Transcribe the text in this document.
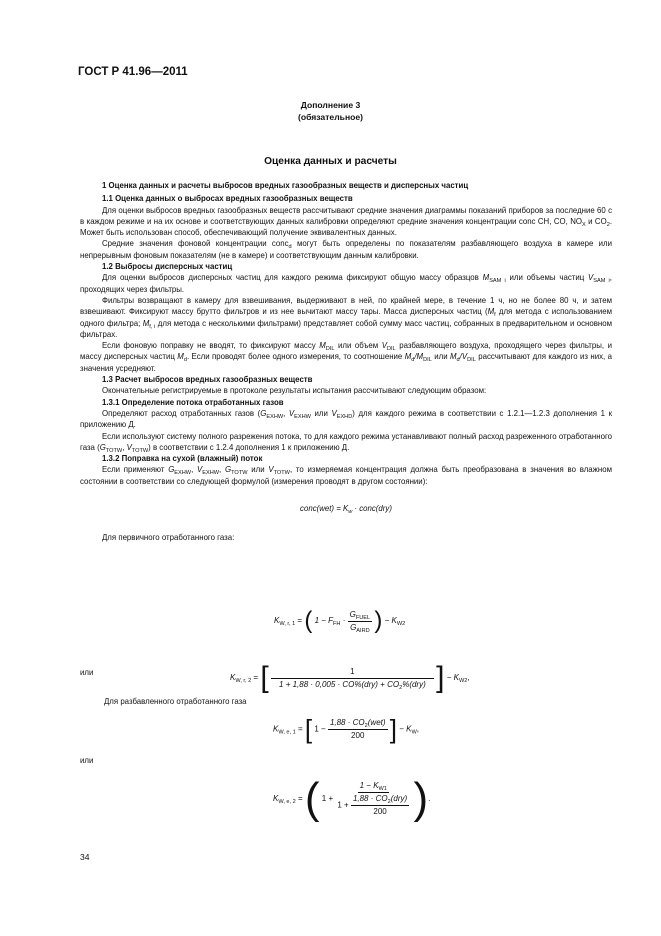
ГОСТ Р 41.96—2011
Дополнение 3
(обязательное)
Оценка данных и расчеты

1 Оценка данных и расчеты выбросов вредных газообразных веществ и дисперсных частиц

1.1 Оценка данных о выбросах вредных газообразных веществ

Для оценки выбросов вредных газообразных веществ рассчитывают средние значения диаграммы показаний приборов за последние 60 с в каждом режиме и на их основе и соответствующих данных калибровки определяют средние значения концентрации conc CH, CO, $NO_X$ и $CO_2$. Может быть использован способ, обеспечивающий получение эквивалентных данных.

Средние значения фоновой концентрации conc$_d$ могут быть определены по показателям разбавляющего воздуха в камере или непрерывным фоновым показателям (не в камере) и соответствующим данным калибровки.

1.2 Выбросы дисперсных частиц

Для оценки выбросов дисперсных частиц для каждого режима фиксируют общую массу образцов $M_{SAM i}$ или объемы частиц $V_{SAM i}$, проходящих через фильтры.

Фильтры возвращают в камеру для взвешивания, выдерживают в ней, по крайней мере, в течение 1 ч, но не более 80 ч, и затем взвешивают. Фиксируют массу брутто фильтров и из нее вычитают массу тары. Масса дисперсных частиц ($M_f$ для метода с использованием одного фильтра; $M_{f, i}$ для метода с несколькими фильтрами) представляет собой сумму масс частиц, собранных в предварительном и основном фильтрах.

Если фоновую поправку не вводят, то фиксируют массу $M_{DIL}$ или объем $V_{DIL}$ разбавляющего воздуха, проходящего через фильтры, и массу дисперсных частиц $M_d$. Если проводят более одного измерения, то соотношение $M_d/M_{DIL}$ или $M_d/V_{DIL}$ рассчитывают для каждого из них, а значения усредняют.

1.3 Расчет выбросов вредных газообразных веществ

Окончательные регистрируемые в протоколе результаты испытания рассчитывают следующим образом:

1.3.1 Определение потока отработанных газов

Определяют расход отработанных газов ($G_{EXHW}$, $V_{EXHW}$ или $V_{EXHD}$) для каждого режима в соответствии с 1.2.1—1.2.3 дополнения 1 к приложению Д.

Если используют систему полного разрежения потока, то для каждого режима устанавливают полный расход разреженного отработанного газа ($G_{TOTW}$, $V_{TOTW}$) в соответствии с 1.2.4 дополнения 1 к приложению Д.

1.3.2 Поправка на сухой (влажный) поток

Если применяют $G_{EXHW}$, $V_{EXHW}$, $G_{TOTW}$ или $V_{TOTW}$, то измеряемая концентрация должна быть преобразована в значения во влажном состоянии в соответствии со следующей формулой (измерения проводят в другом состоянии):

conc(wet) = $K_w$ · conc(dry)

Для первичного отработанного газа:

$K_{W, r, 1}$ = ( $1 - F_{FH} \cdot \frac{G_{FUEL}}{G_{AIRD}}$ ) − $K_{W2}$
или
$K_{W, r, 2}$ = [ $\frac{1}{1 + 1,88 \cdot 0,005 \cdot CO\%(dry) + CO_2\%(dry)}$ ] − $K_{W2}$,
Для разбавленного отработанного газа
$K_{W, e, 1}$ = [ $1 - \frac{1,88 \cdot CO_2(wet)}{200}$ ] − $K_W$,
или
$K_{W, e, 2}$ = ( $1 + \frac{1 - K_{W1}}{1 + \frac{1,88 \cdot CO_2(dry)}{200}}$ ).
34
